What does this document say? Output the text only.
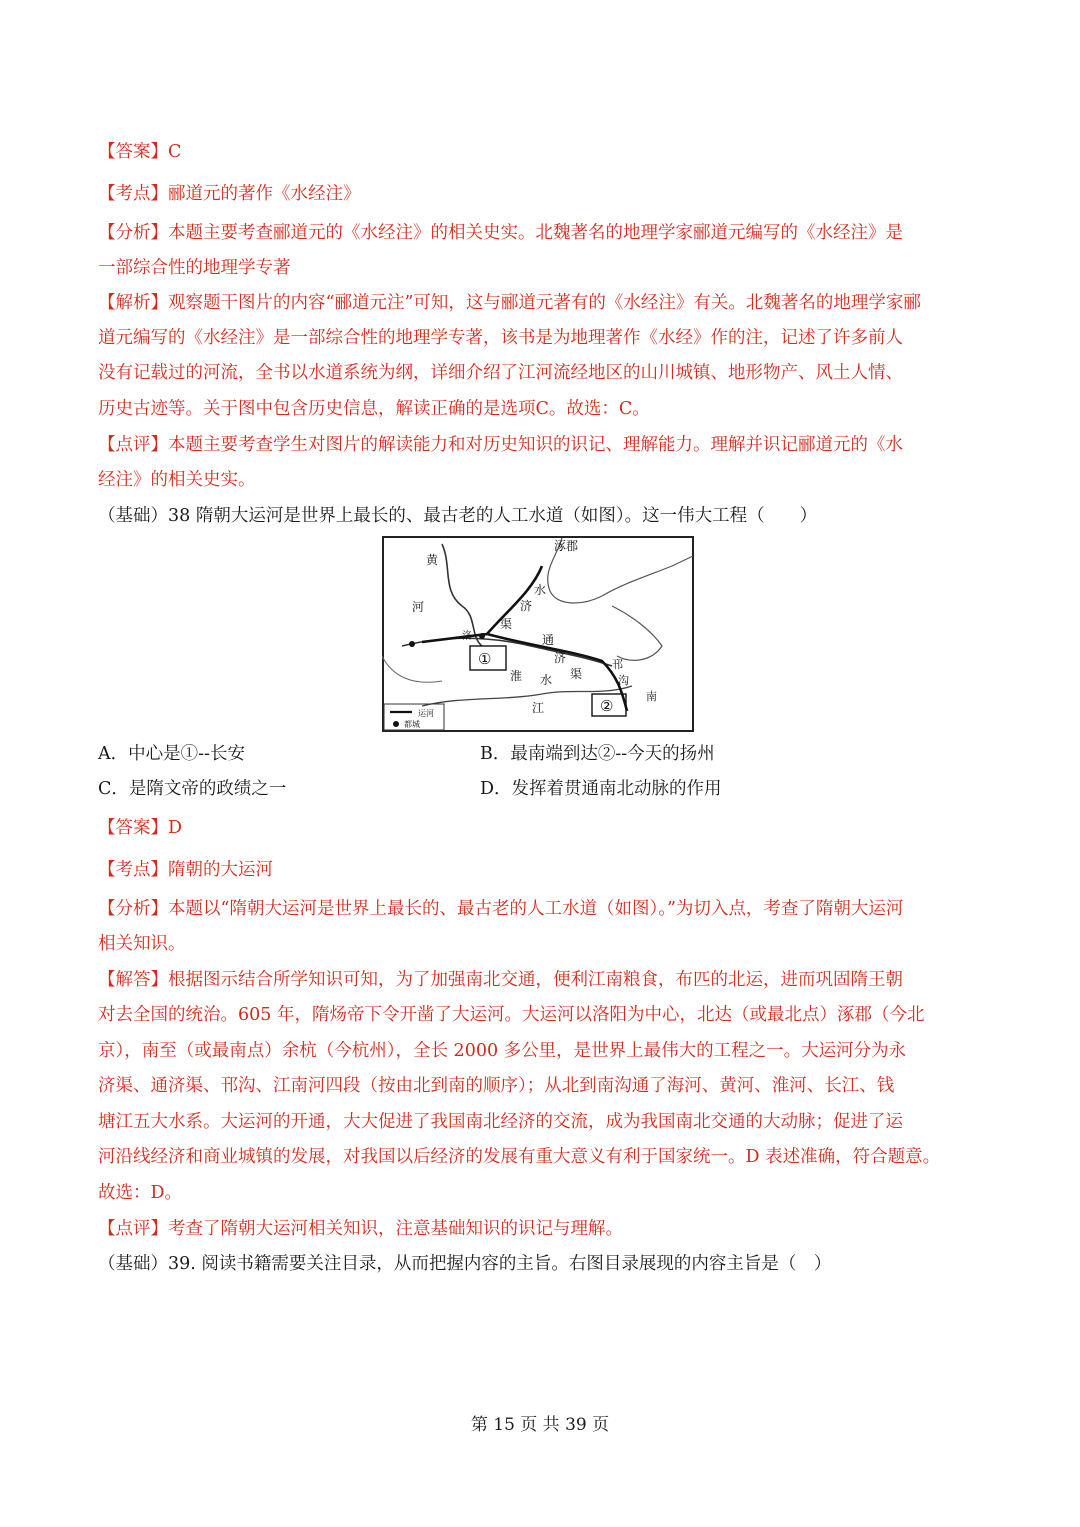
【答案】C
【考点】郦道元的著作《水经注》
【分析】本题主要考查郦道元的《水经注》的相关史实。北魏著名的地理学家郦道元编写的《水经注》是
一部综合性的地理学专著
【解析】观察题干图片的内容“郦道元注”可知，这与郦道元著有的《水经注》有关。北魏著名的地理学家郦
道元编写的《水经注》是一部综合性的地理学专著，该书是为地理著作《水经》作的注，记述了许多前人
没有记载过的河流，全书以水道系统为纲，详细介绍了江河流经地区的山川城镇、地形物产、风土人情、
历史古迹等。关于图中包含历史信息，解读正确的是选项C。故选：C。
【点评】本题主要考查学生对图片的解读能力和对历史知识的识记、理解能力。理解并识记郦道元的《水
经注》的相关史实。
（基础）38 隋朝大运河是世界上最长的、最古老的人工水道（如图）。这一伟大工程（　　）
涿郡
黄
河
水
济
渠
洛	通
济
渠
①
淮 水
邗
沟
江
南
②
运河
都城
A．中心是①--长安	B．最南端到达②--今天的扬州
C．是隋文帝的政绩之一	D．发挥着贯通南北动脉的作用
【答案】D
【考点】隋朝的大运河
【分析】本题以“隋朝大运河是世界上最长的、最古老的人工水道（如图）。”为切入点，考查了隋朝大运河
相关知识。
【解答】根据图示结合所学知识可知，为了加强南北交通，便利江南粮食，布匹的北运，进而巩固隋王朝
对去全国的统治。605 年，隋炀帝下令开凿了大运河。大运河以洛阳为中心，北达（或最北点）涿郡（今北
京），南至（或最南点）余杭（今杭州），全长 2000 多公里，是世界上最伟大的工程之一。大运河分为永
济渠、通济渠、邗沟、江南河四段（按由北到南的顺序）；从北到南沟通了海河、黄河、淮河、长江、钱
塘江五大水系。大运河的开通，大大促进了我国南北经济的交流，成为我国南北交通的大动脉；促进了运
河沿线经济和商业城镇的发展，对我国以后经济的发展有重大意义有利于国家统一。D 表述准确，符合题意。
故选：D。
【点评】考查了隋朝大运河相关知识，注意基础知识的识记与理解。
（基础）39. 阅读书籍需要关注目录，从而把握内容的主旨。右图目录展现的内容主旨是（　）
第 15 页 共 39 页
